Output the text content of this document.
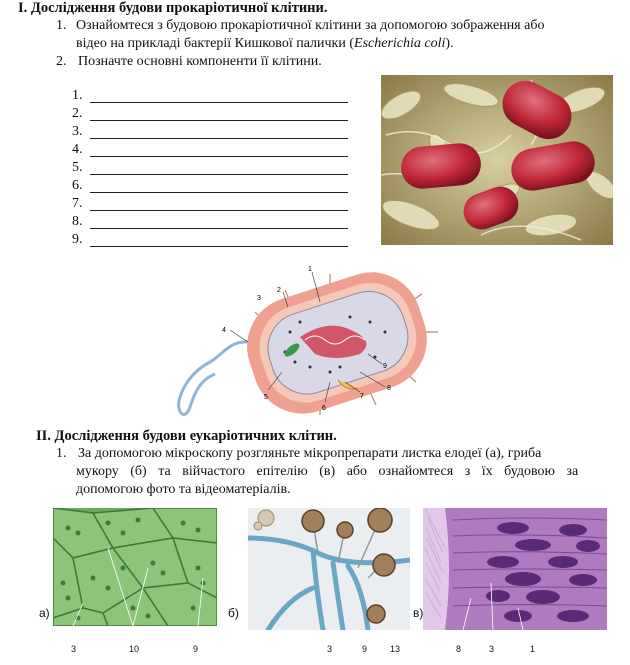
I. Дослідження будови прокаріотичної клітини.
1. Ознайомтеся з будовою прокаріотичної клітини за допомогою зображення або
відео на прикладі бактерії Кишкової палички (Escherichia coli).
2. Позначте основні компоненти її клітини.
1.
2.
3.
4.
5.
6.
7.
8.
9.
1
2
3
4
5
6
7
8
9
II. Дослідження будови еукаріотичних клітин.
1. За допомогою мікроскопу розгляньте мікропрепарати листка елодеї (а), гриба
мукору (б) та війчастого епітелію (в) або ознайомтеся з їх будовою за
допомогою фото та відеоматеріалів.
а)
3	10	9
б)
3	9	13
в)
8	3	1
